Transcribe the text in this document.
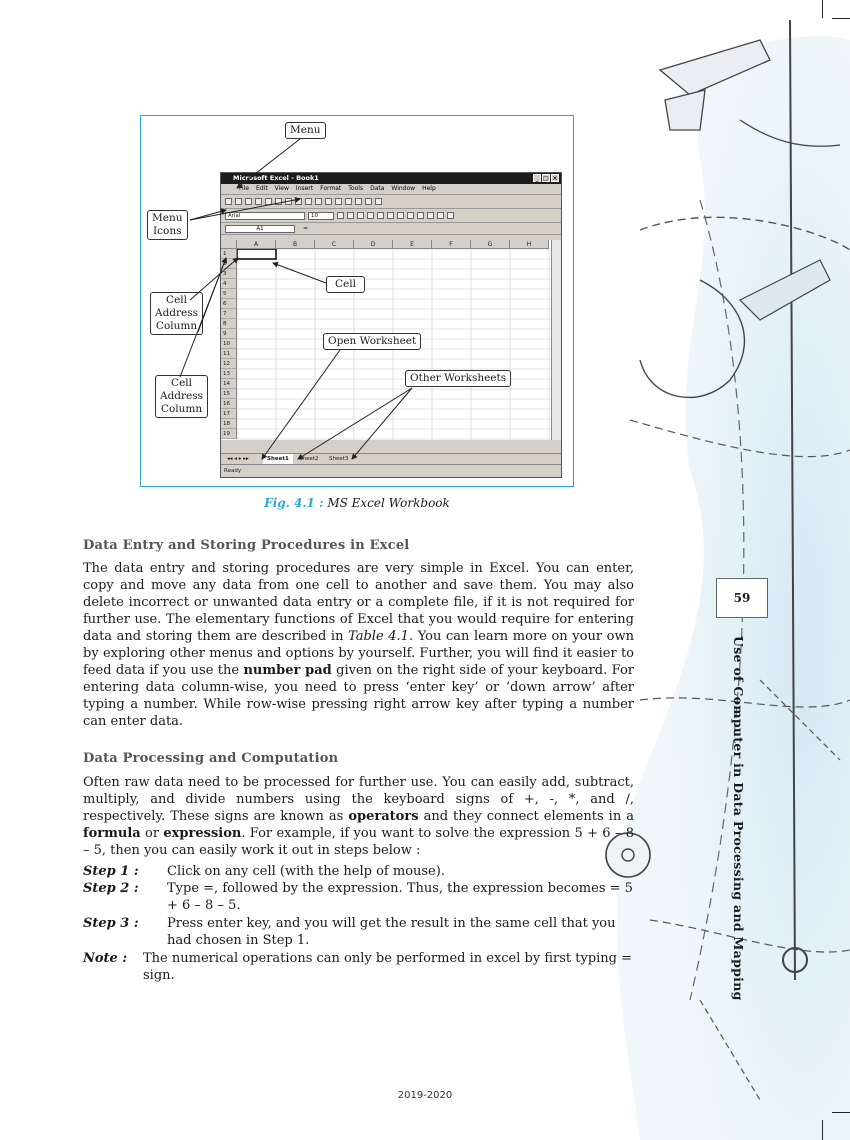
Microsoft Excel - Book1	_ □ ×
File Edit View Insert Format Tools Data Window Help
Arial	10
A1	=
A	B	C	D	E	F	G	H
1
2
3
4
5
6
7
8
9
10
11
12
13
14
15
16
17
18
19
◂◂ ◂ ▸ ▸▸	Sheet1	Sheet2	Sheet3
Ready
Menu
Menu
Icons
Cell
Cell
Address
Column
Open Worksheet
Other Worksheets
Cell
Address
Column
Fig. 4.1 : MS Excel Workbook
Data Entry and Storing Procedures in Excel
The data entry and storing procedures are very simple in Excel. You can enter, copy and move any data from one cell to another and save them. You may also delete incorrect or unwanted data entry or a complete file, if it is not required for further use. The elementary functions of Excel that you would require for entering data and storing them are described in Table 4.1. You can learn more on your own by exploring other menus and options by yourself. Further, you will find it easier to feed data if you use the number pad given on the right side of your keyboard. For entering data column-wise, you need to press ‘enter key’ or ‘down arrow’ after typing a number. While row-wise pressing right arrow key after typing a number can enter data.
Data Processing and Computation
Often raw data need to be processed for further use. You can easily add, subtract, multiply, and divide numbers using the keyboard signs of +, -, *, and /, respectively. These signs are known as operators and they connect elements in a formula or expression. For example, if you want to solve the expression 5 + 6 – 8 – 5, then you can easily work it out in steps below :
Step 1 : Click on any cell (with the help of mouse).
Step 2 : Type =, followed by the expression. Thus, the expression becomes = 5 + 6 – 8 – 5.
Step 3 : Press enter key, and you will get the result in the same cell that you had chosen in Step 1.
Note : The numerical operations can only be performed in excel by first typing = sign.
59
Use of Computer in Data Processing and Mapping
2019-2020
